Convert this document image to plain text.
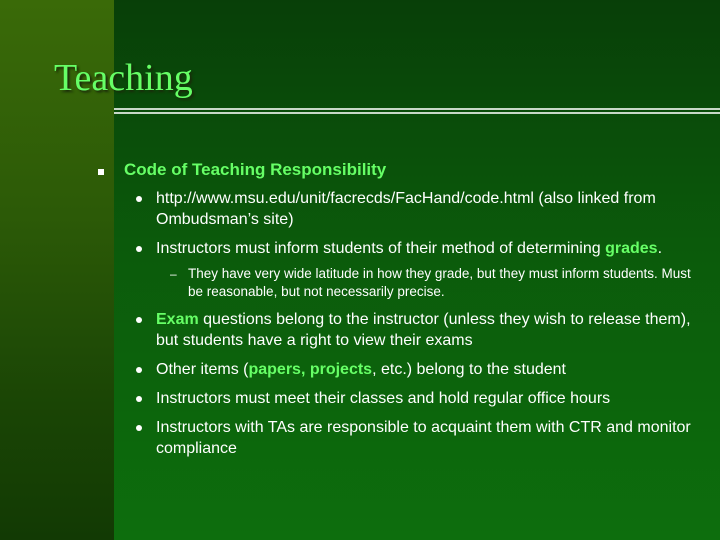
Teaching
Code of Teaching Responsibility
http://www.msu.edu/unit/facrecds/FacHand/code.html (also linked from Ombudsman’s site)
Instructors must inform students of their method of determining grades.
– They have very wide latitude in how they grade, but they must inform students. Must be reasonable, but not necessarily precise.
Exam questions belong to the instructor (unless they wish to release them), but students have a right to view their exams
Other items (papers, projects, etc.) belong to the student
Instructors must meet their classes and hold regular office hours
Instructors with TAs are responsible to acquaint them with CTR and monitor compliance
